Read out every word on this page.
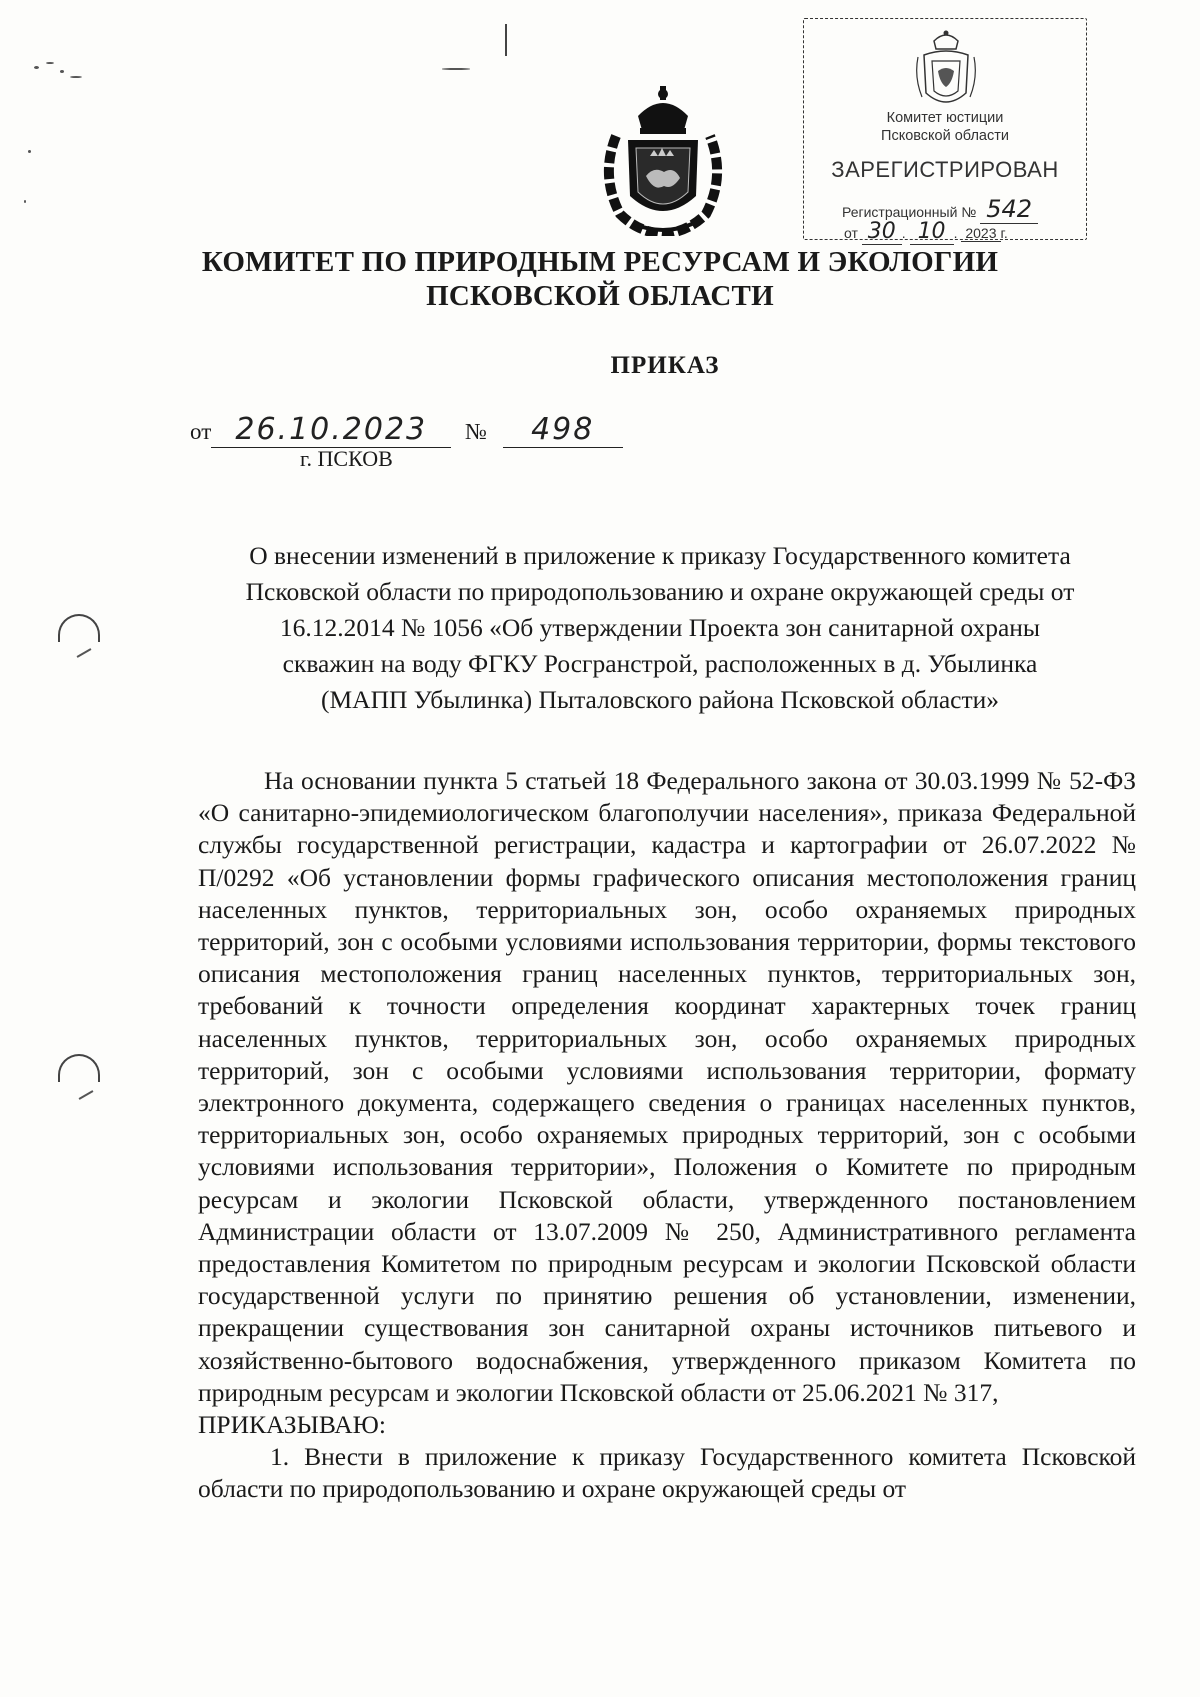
Комитет юстиции
Псковской области
ЗАРЕГИСТРИРОВАН
Регистрационный № 542
от 30 . 10 . 2023 г.
КОМИТЕТ ПО ПРИРОДНЫМ РЕСУРСАМ И ЭКОЛОГИИ
ПСКОВСКОЙ ОБЛАСТИ
ПРИКАЗ
от 26.10.2023 № 498
г. ПСКОВ
О внесении изменений в приложение к приказу Государственного комитета
Псковской области по природопользованию и охране окружающей среды от
16.12.2014 № 1056 «Об утверждении Проекта зон санитарной охраны
скважин на воду ФГКУ Росгранстрой, расположенных в д. Убылинка
(МАПП Убылинка) Пыталовского района Псковской области»

На основании пункта 5 статьей 18 Федерального закона от 30.03.1999 № 52-ФЗ «О санитарно-эпидемиологическом благополучии населения», приказа Федеральной службы государственной регистрации, кадастра и картографии от 26.07.2022 № П/0292 «Об установлении формы графического описания местоположения границ населенных пунктов, территориальных зон, особо охраняемых природных территорий, зон с особыми условиями использования территории, формы текстового описания местоположения границ населенных пунктов, территориальных зон, требований к точности определения координат характерных точек границ населенных пунктов, территориальных зон, особо охраняемых природных территорий, зон с особыми условиями использования территории, формату электронного документа, содержащего сведения о границах населенных пунктов, территориальных зон, особо охраняемых природных территорий, зон с особыми условиями использования территории», Положения о Комитете по природным ресурсам и экологии Псковской области, утвержденного постановлением Администрации области от 13.07.2009 № 250, Административного регламента предоставления Комитетом по природным ресурсам и экологии Псковской области государственной услуги по принятию решения об установлении, изменении, прекращении существования зон санитарной охраны источников питьевого и хозяйственно-бытового водоснабжения, утвержденного приказом Комитета по природным ресурсам и экологии Псковской области от 25.06.2021 № 317,

ПРИКАЗЫВАЮ:

1. Внести в приложение к приказу Государственного комитета Псковской области по природопользованию и охране окружающей среды от
